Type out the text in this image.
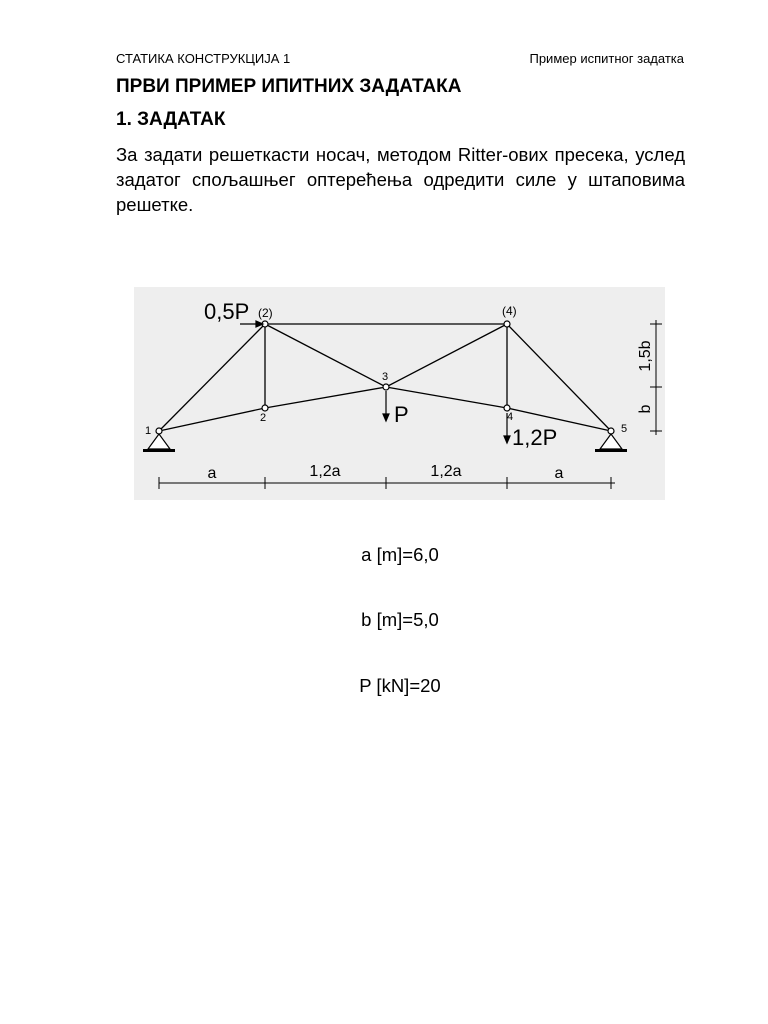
СТАТИКА КОНСТРУКЦИЈА 1	Пример испитног задатка
ПРВИ ПРИМЕР ИПИТНИХ ЗАДАТАКА
1. ЗАДАТАК
За задати решеткасти носач, методом Ritter-ових пресека, услед задатог спољашњег оптерећења одредити силе у штаповима решетке.
0,5P
P
1,2P
1
(2)
2
3
(4)
4
5
a	1,2a	1,2a	a
1,5b
b
a [m]=6,0
b [m]=5,0
P [kN]=20
